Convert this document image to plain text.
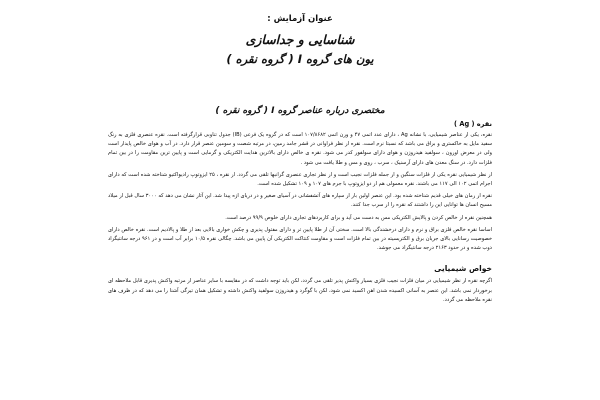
عنوان آزمایش :
شناسایی و جداسازی
یون های گروه I ( گروه نقره )
مختصری درباره عناصر گروه I ( گروه نقره )
نقره ( Ag )

نقره، یکی از عناصر شیمیایی، با نشانه Ag ، دارای عدد اتمی ۴۷ و وزن اتمی ۱۰۷/۸۶۸۲ است که در گروه یک فرعی (IB) جدول تناوبی قرارگرفته است. نقره عنصری فلزی به رنگ سفید مایل به خاکستری و براق می باشد که نسبتا نرم است. نقره از نظر فراوانی در قشر جامد زمین، در مرتبه شصت و سومین عنصر قرار دارد. در آب و هوای خالص پایدار است ولی در معرض اوزون ، سولفید هیدروژن و هوای دارای سولفور کدر می شود. نقره ی خالص دارای بالاترین هدایت الکتریکی و گرمایی است و پایین ترین مقاومت را در بین تمام فلزات دارد. در سنگ معدن های دارای آرسنیک ، سرب ، روی و مس و طلا یافت می شود .

از نظر شیمیایی نقره یکی از فلزات سنگین و از جمله فلزات نجیب است و از نظر تجاری عنصری گرانبها تلقی می گردد. از نقره ، ۲۵ ایزوتوپ رادیواکتیو شناخته شده است که دارای اجرام اتمی ۱۰۲ الی ۱۱۷ می باشند. نقره معمولی هم از دو ایزوتوپ با جرم های ۱۰۷ و ۱۰۹ تشکیل شده است.

نقره از زمان های خیلی قدیم شناخته شده بود. این عنصر اولین بار از سپاره های آتشفشانی در آسیای صغیر و در دریای اژه پیدا شد. این آثار نشان می دهد که ۳۰۰۰ سال قبل از میلاد مسیح انسان ها توانایی این را داشتند که نقره را از سرب جدا کنند.

همچنین نقره از خالص کردن و پالایش الکتریکی مس به دست می آید و برای کاربردهای تجاری دارای خلوص ۹۹/۹ درصد است.

اساسا نقره خالص فلزی براق و نرم و دارای درخشندگی بالا است. سختی آن از طلا پایین تر و دارای مفتول پذیری و چکش خواری بالایی بعد از طلا و پالادیم است. نقره خالص دارای خصوصیت رسانایی بالای جریان برق و الکتریسیته در بین تمام فلزات است و مقاومت کنتاکت الکتریکی آن پایین می باشد. چگالی نقره ۱۰/۵ برابر آب است و در ۹۶۱ درجه سانتیگراد ذوب شده و در حدود ۲۱۶۳ درجه سانتیگراد می جوشد.

خواص شیمیایی

اگرچه نقره از نظر شیمیایی در میان فلزات نجیب فلزی بسیار واکنش پذیر تلقی می گردد، لکن باید توجه داشت که در مقایسه با سایر عناصر از مرتبه واکنش پذیری قابل ملاحظه ای برخوردار نمی باشد. این عنصر به آسانی اکسیده شدن اهن اکسید نمی شود، لکن با گوگرد و هیدروژن سولفید واکنش داشته و تشکیل همان تیرگی آشنا را می دهد که در ظرف های نقره ملاحظه می گردد.
